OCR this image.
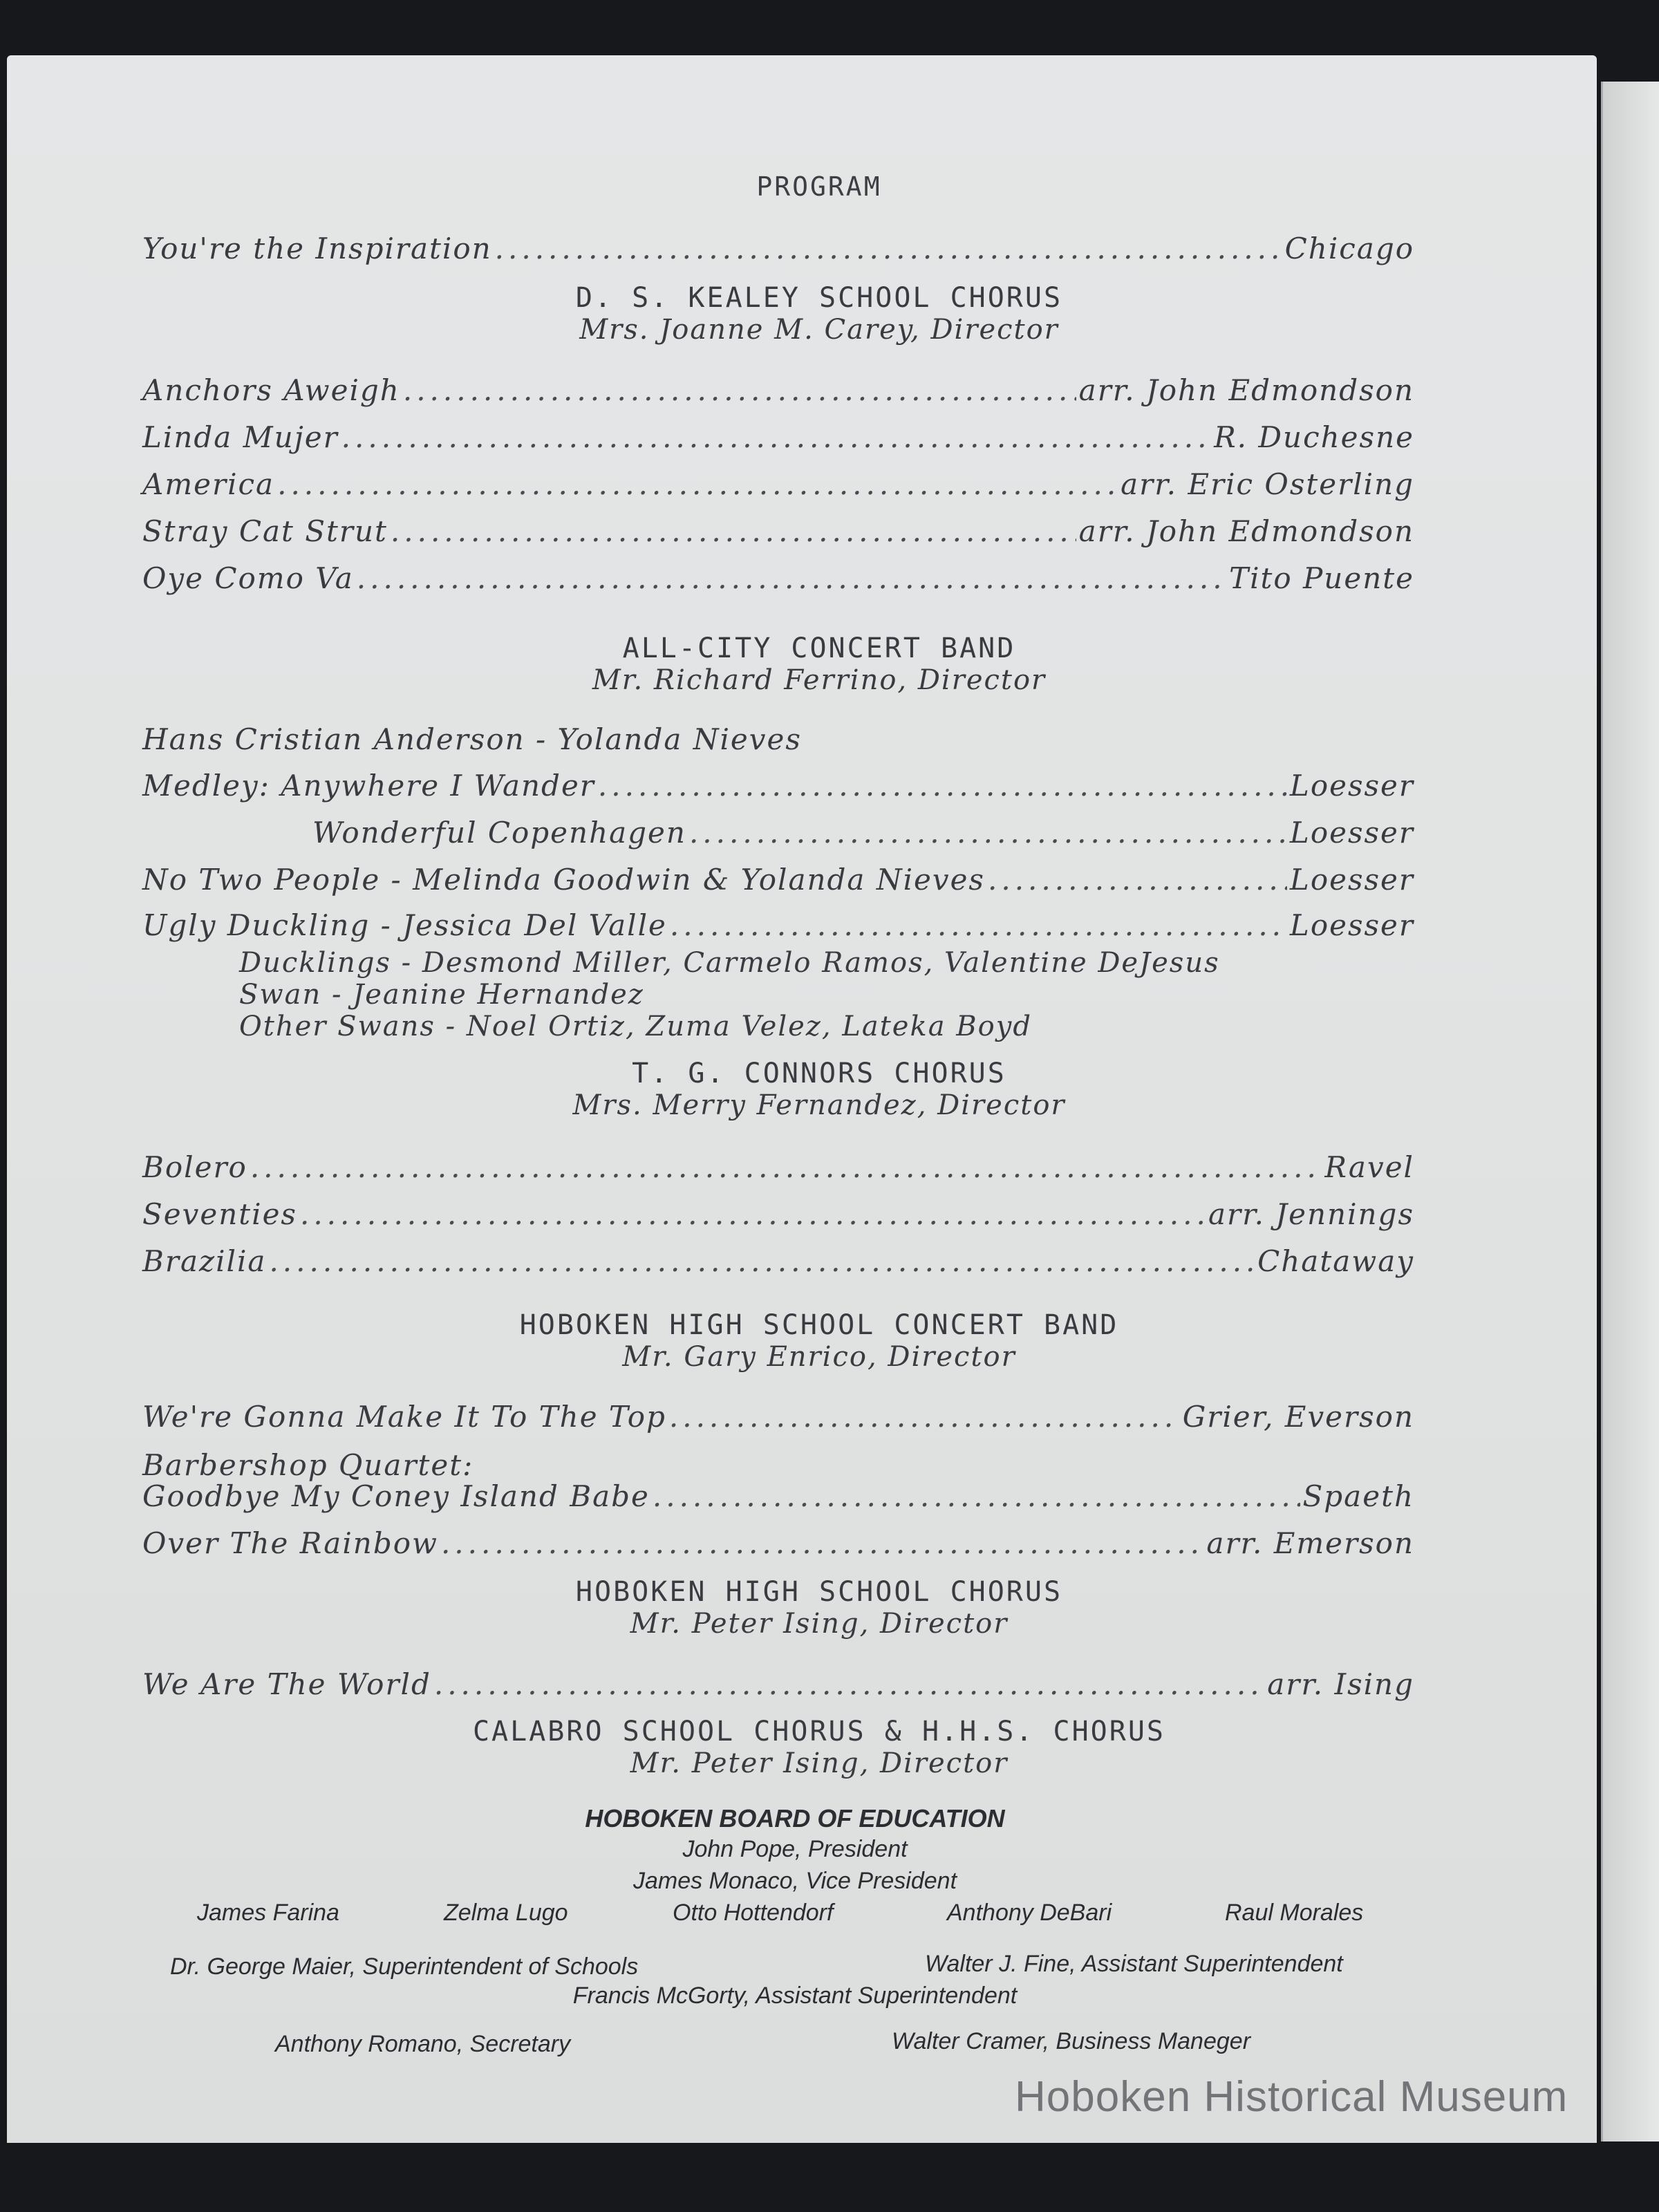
PROGRAM
You're the Inspiration .....	Chicago
Anchors Aweigh .....	arr. John Edmondson
Linda Mujer .....	R. Duchesne
America .....	arr. Eric Osterling
Stray Cat Strut .....	arr. John Edmondson
Oye Como Va .....	Tito Puente
Hans Cristian Anderson - Yolanda Nieves
Medley: Anywhere I Wander .....	Loesser
Wonderful Copenhagen .....	Loesser
No Two People - Melinda Goodwin & Yolanda Nieves .....	Loesser
Ugly Duckling - Jessica Del Valle .....	Loesser
Ducklings - Desmond Miller, Carmelo Ramos, Valentine DeJesus
Swan - Jeanine Hernandez
Other Swans - Noel Ortiz, Zuma Velez, Lateka Boyd
Bolero .....	Ravel
Seventies .....	arr. Jennings
Brazilia .....	Chataway
We're Gonna Make It To The Top .....	Grier, Everson
Barbershop Quartet:
Goodbye My Coney Island Babe .....	Spaeth
Over The Rainbow .....	arr. Emerson
We Are The World .....	arr. Ising
D. S. KEALEY SCHOOL CHORUS
Mrs. Joanne M. Carey, Director
ALL-CITY CONCERT BAND
Mr. Richard Ferrino, Director
T. G. CONNORS CHORUS
Mrs. Merry Fernandez, Director
HOBOKEN HIGH SCHOOL CONCERT BAND
Mr. Gary Enrico, Director
HOBOKEN HIGH SCHOOL CHORUS
Mr. Peter Ising, Director
CALABRO SCHOOL CHORUS & H.H.S. CHORUS
Mr. Peter Ising, Director
HOBOKEN BOARD OF EDUCATION
John Pope, President
James Monaco, Vice President
James Farina	Zelma Lugo	Otto Hottendorf	Anthony DeBari	Raul Morales
Dr. George Maier, Superintendent of Schools	Walter J. Fine, Assistant Superintendent
Francis McGorty, Assistant Superintendent
Anthony Romano, Secretary	Walter Cramer, Business Maneger
Hoboken Historical Museum
